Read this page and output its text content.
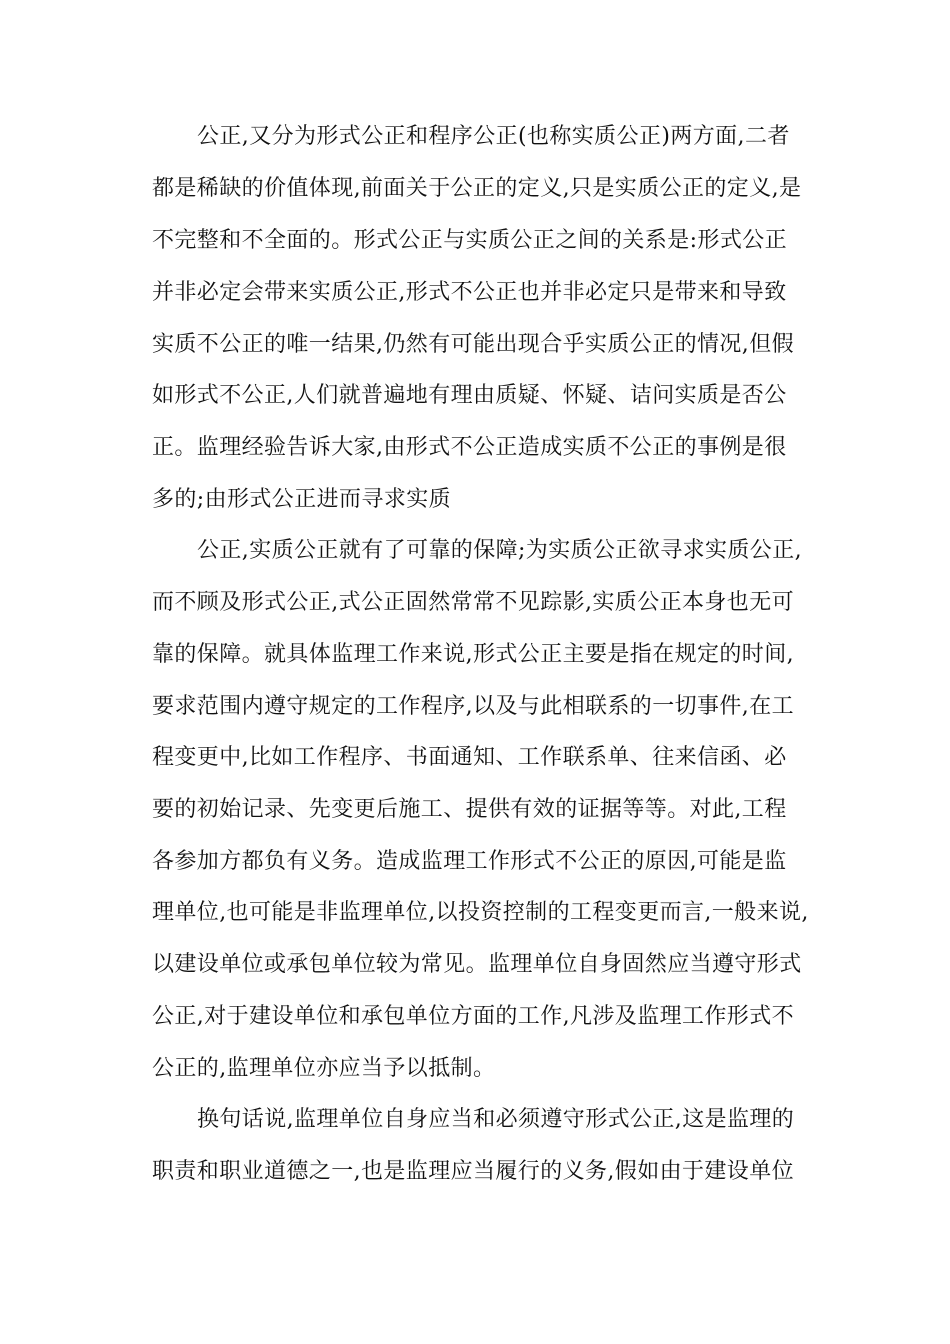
公正,又分为形式公正和程序公正(也称实质公正)两方面,二者
都是稀缺的价值体现,前面关于公正的定义,只是实质公正的定义,是
不完整和不全面的。形式公正与实质公正之间的关系是:形式公正
并非必定会带来实质公正,形式不公正也并非必定只是带来和导致
实质不公正的唯一结果,仍然有可能出现合乎实质公正的情况,但假
如形式不公正,人们就普遍地有理由质疑、怀疑、诘问实质是否公
正。监理经验告诉大家,由形式不公正造成实质不公正的事例是很
多的;由形式公正进而寻求实质
公正,实质公正就有了可靠的保障;为实质公正欲寻求实质公正,
而不顾及形式公正,式公正固然常常不见踪影,实质公正本身也无可
靠的保障。就具体监理工作来说,形式公正主要是指在规定的时间,
要求范围内遵守规定的工作程序,以及与此相联系的一切事件,在工
程变更中,比如工作程序、书面通知、工作联系单、往来信函、必
要的初始记录、先变更后施工、提供有效的证据等等。对此,工程
各参加方都负有义务。造成监理工作形式不公正的原因,可能是监
理单位,也可能是非监理单位,以投资控制的工程变更而言,一般来说,
以建设单位或承包单位较为常见。监理单位自身固然应当遵守形式
公正,对于建设单位和承包单位方面的工作,凡涉及监理工作形式不
公正的,监理单位亦应当予以抵制。
换句话说,监理单位自身应当和必须遵守形式公正,这是监理的
职责和职业道德之一,也是监理应当履行的义务,假如由于建设单位
